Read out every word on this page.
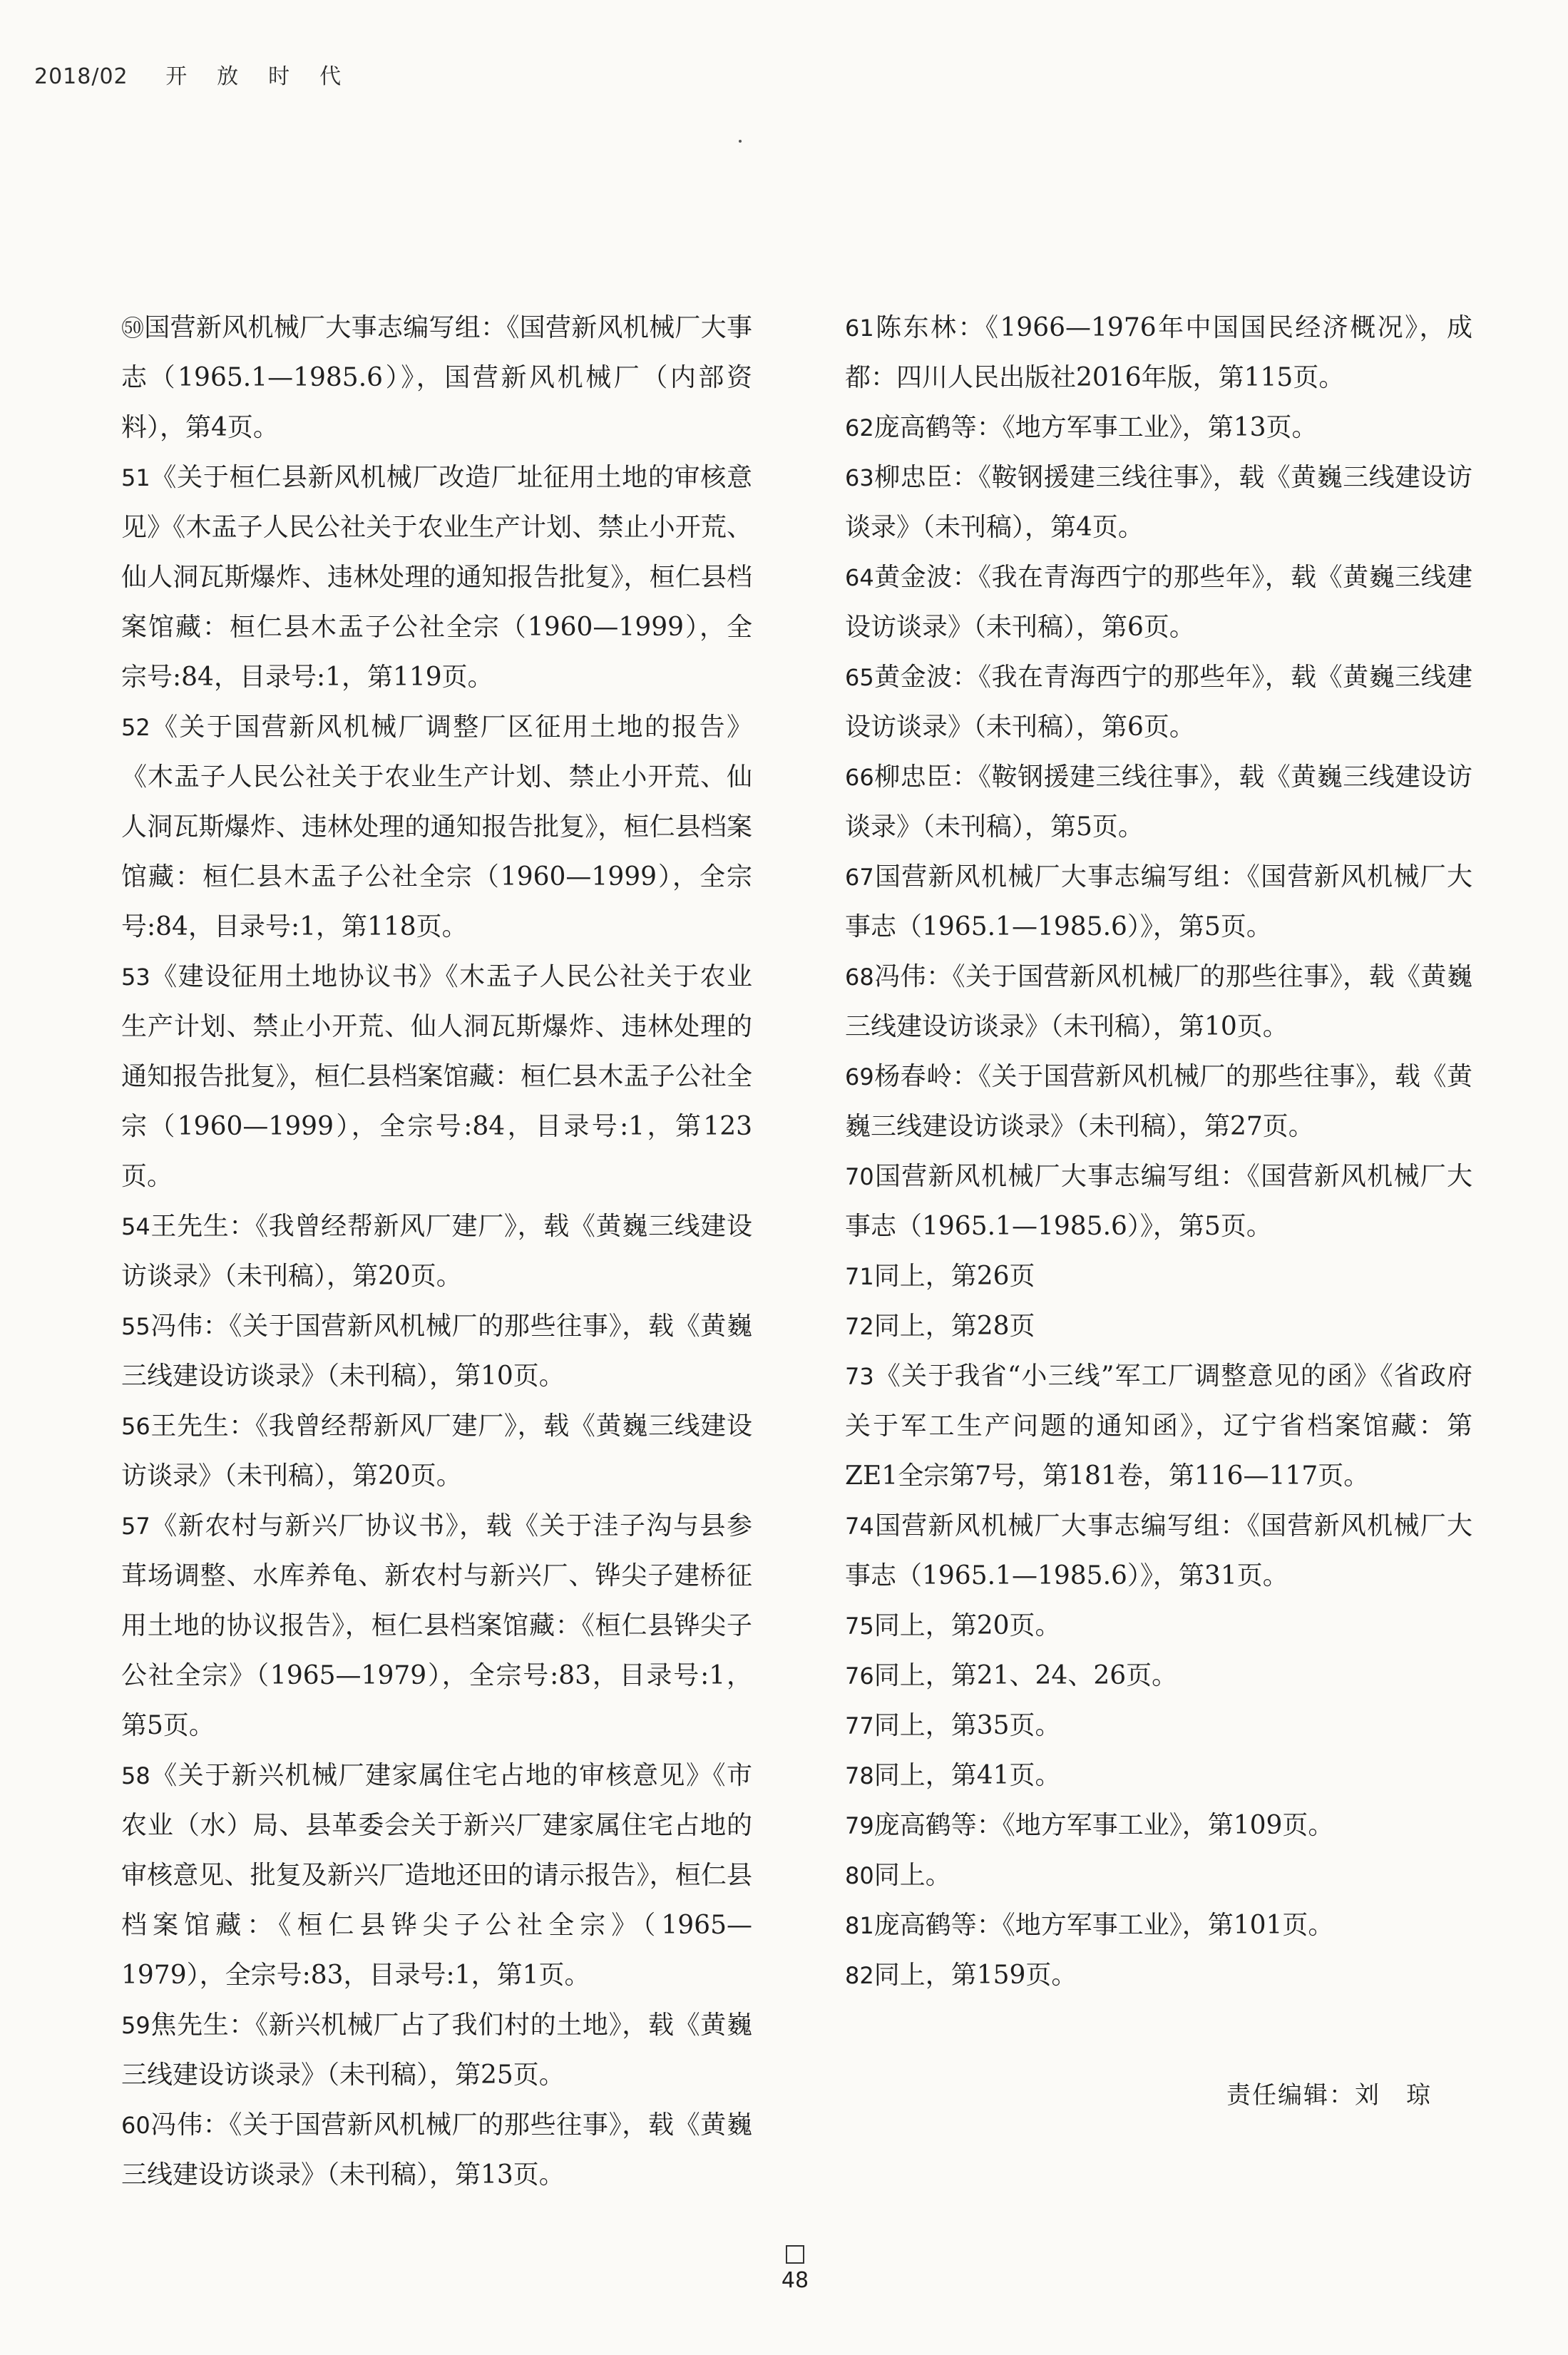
2018/02 开放时代

㊿国营新风机械厂大事志编写组：《国营新风机械厂大事志（1965.1—1985.6）》，国营新风机械厂（内部资料），第4页。

51《关于桓仁县新风机械厂改造厂址征用土地的审核意见》《木盂子人民公社关于农业生产计划、禁止小开荒、仙人洞瓦斯爆炸、违林处理的通知报告批复》，桓仁县档案馆藏：桓仁县木盂子公社全宗（1960—1999），全宗号:84，目录号:1，第119页。

52《关于国营新风机械厂调整厂区征用土地的报告》《木盂子人民公社关于农业生产计划、禁止小开荒、仙人洞瓦斯爆炸、违林处理的通知报告批复》，桓仁县档案馆藏：桓仁县木盂子公社全宗（1960—1999），全宗号:84，目录号:1，第118页。

53《建设征用土地协议书》《木盂子人民公社关于农业生产计划、禁止小开荒、仙人洞瓦斯爆炸、违林处理的通知报告批复》，桓仁县档案馆藏：桓仁县木盂子公社全宗（1960—1999），全宗号:84，目录号:1，第123页。

54王先生：《我曾经帮新风厂建厂》，载《黄巍三线建设访谈录》（未刊稿），第20页。

55冯伟：《关于国营新风机械厂的那些往事》，载《黄巍三线建设访谈录》（未刊稿），第10页。

56王先生：《我曾经帮新风厂建厂》，载《黄巍三线建设访谈录》（未刊稿），第20页。

57《新农村与新兴厂协议书》，载《关于洼子沟与县参茸场调整、水库养龟、新农村与新兴厂、铧尖子建桥征用土地的协议报告》，桓仁县档案馆藏：《桓仁县铧尖子公社全宗》（1965—1979），全宗号:83，目录号:1，第5页。

58《关于新兴机械厂建家属住宅占地的审核意见》《市农业（水）局、县革委会关于新兴厂建家属住宅占地的审核意见、批复及新兴厂造地还田的请示报告》，桓仁县档案馆藏：《桓仁县铧尖子公社全宗》（1965—1979），全宗号:83，目录号:1，第1页。

59焦先生：《新兴机械厂占了我们村的土地》，载《黄巍三线建设访谈录》（未刊稿），第25页。

60冯伟：《关于国营新风机械厂的那些往事》，载《黄巍三线建设访谈录》（未刊稿），第13页。

61陈东林：《1966—1976年中国国民经济概况》，成都：四川人民出版社2016年版，第115页。

62庞高鹤等：《地方军事工业》，第13页。

63柳忠臣：《鞍钢援建三线往事》，载《黄巍三线建设访谈录》（未刊稿），第4页。

64黄金波：《我在青海西宁的那些年》，载《黄巍三线建设访谈录》（未刊稿），第6页。

65黄金波：《我在青海西宁的那些年》，载《黄巍三线建设访谈录》（未刊稿），第6页。

66柳忠臣：《鞍钢援建三线往事》，载《黄巍三线建设访谈录》（未刊稿），第5页。

67国营新风机械厂大事志编写组：《国营新风机械厂大事志（1965.1—1985.6）》，第5页。

68冯伟：《关于国营新风机械厂的那些往事》，载《黄巍三线建设访谈录》（未刊稿），第10页。

69杨春岭：《关于国营新风机械厂的那些往事》，载《黄巍三线建设访谈录》（未刊稿），第27页。

70国营新风机械厂大事志编写组：《国营新风机械厂大事志（1965.1—1985.6）》，第5页。

71同上，第26页

72同上，第28页

73《关于我省“小三线”军工厂调整意见的函》《省政府关于军工生产问题的通知函》，辽宁省档案馆藏：第ZE1全宗第7号，第181卷，第116—117页。

74国营新风机械厂大事志编写组：《国营新风机械厂大事志（1965.1—1985.6）》，第31页。

75同上，第20页。

76同上，第21、24、26页。

77同上，第35页。

78同上，第41页。

79庞高鹤等：《地方军事工业》，第109页。

80同上。

81庞高鹤等：《地方军事工业》，第101页。

82同上，第159页。

责任编辑：刘　琼
48
